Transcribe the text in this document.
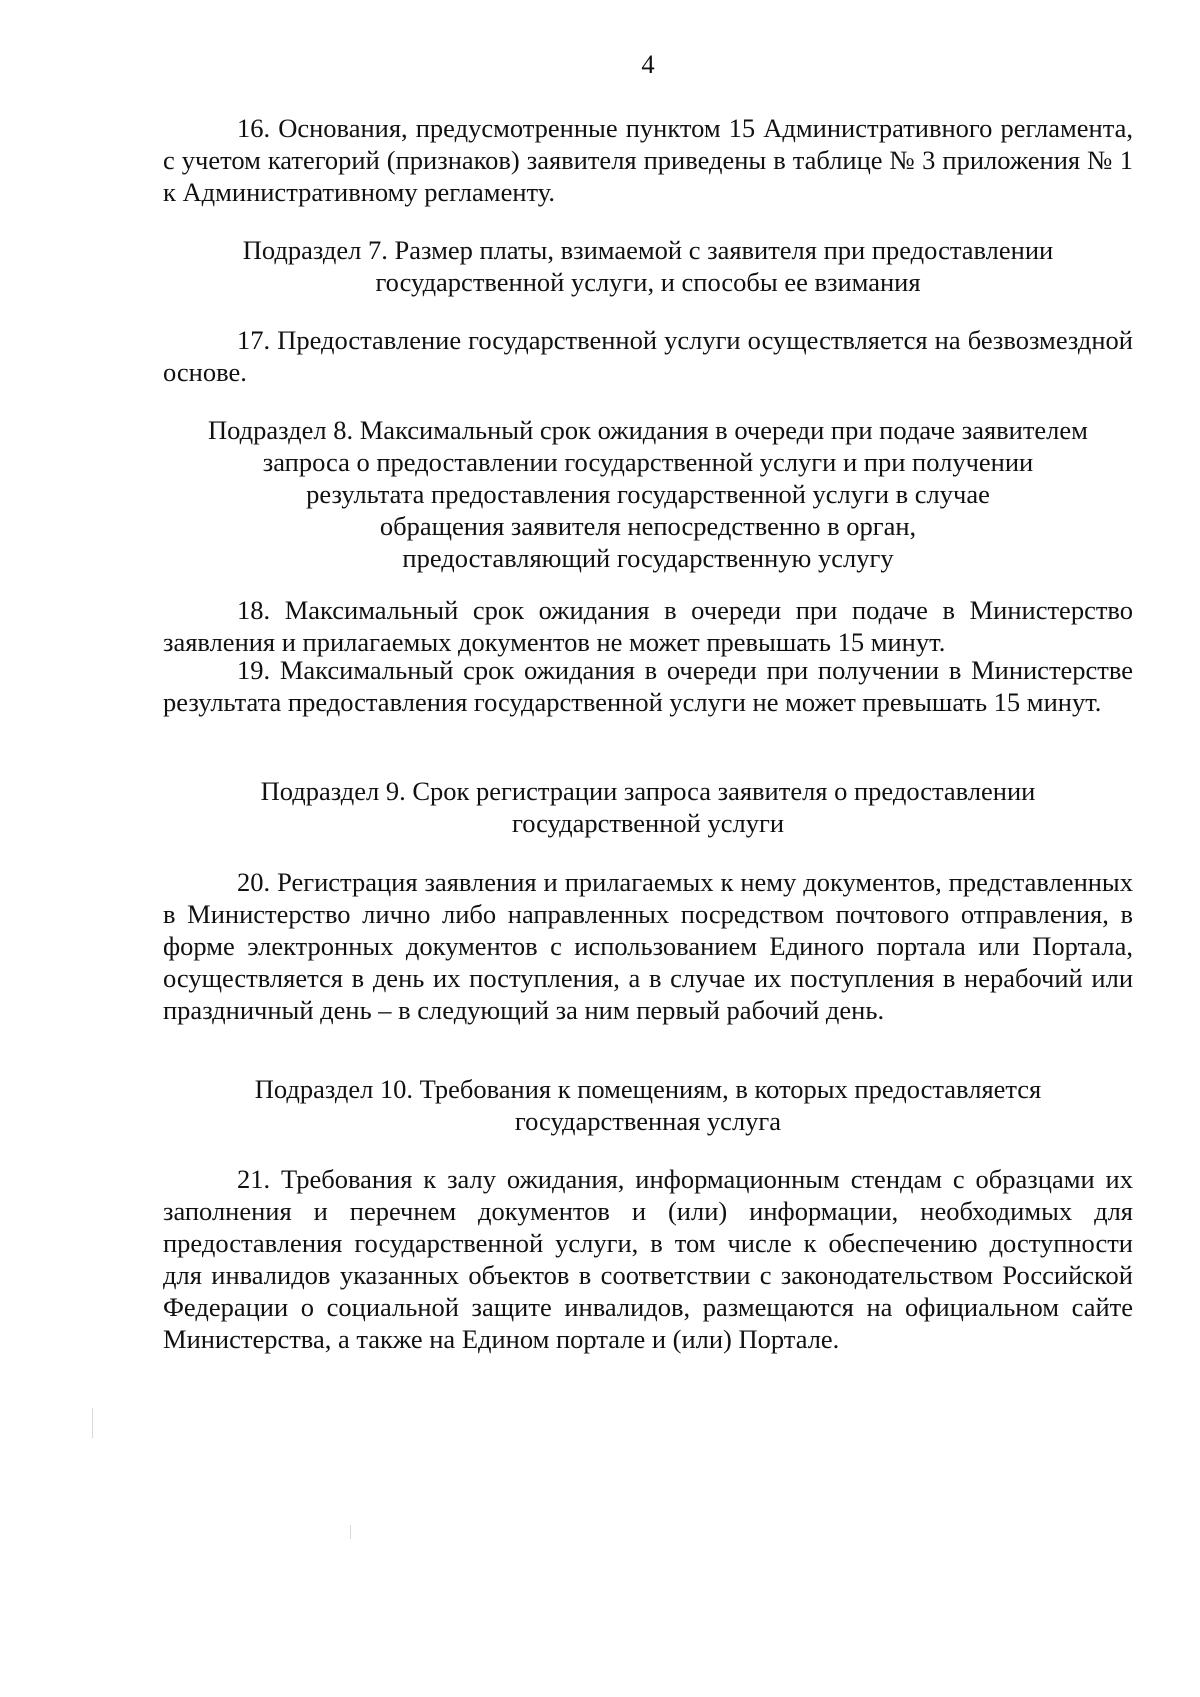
4

16. Основания, предусмотренные пунктом 15 Административного регламента, с учетом категорий (признаков) заявителя приведены в таблице № 3 приложения № 1 к Административному регламенту.

Подраздел 7. Размер платы, взимаемой с заявителя при предоставлении
государственной услуги, и способы ее взимания

17. Предоставление государственной услуги осуществляется на безвозмездной основе.

Подраздел 8. Максимальный срок ожидания в очереди при подаче заявителем
запроса о предоставлении государственной услуги и при получении
результата предоставления государственной услуги в случае
обращения заявителя непосредственно в орган,
предоставляющий государственную услугу

18. Максимальный срок ожидания в очереди при подаче в Министерство заявления и прилагаемых документов не может превышать 15 минут.

19. Максимальный срок ожидания в очереди при получении в Министерстве результата предоставления государственной услуги не может превышать 15 минут.

Подраздел 9. Срок регистрации запроса заявителя о предоставлении
государственной услуги

20. Регистрация заявления и прилагаемых к нему документов, представленных в Министерство лично либо направленных посредством почтового отправления, в форме электронных документов с использованием Единого портала или Портала, осуществляется в день их поступления, а в случае их поступления в нерабочий или праздничный день – в следующий за ним первый рабочий день.

Подраздел 10. Требования к помещениям, в которых предоставляется
государственная услуга

21. Требования к залу ожидания, информационным стендам с образцами их заполнения и перечнем документов и (или) информации, необходимых для предоставления государственной услуги, в том числе к обеспечению доступности для инвалидов указанных объектов в соответствии с законодательством Российской Федерации о социальной защите инвалидов, размещаются на официальном сайте Министерства, а также на Едином портале и (или) Портале.
